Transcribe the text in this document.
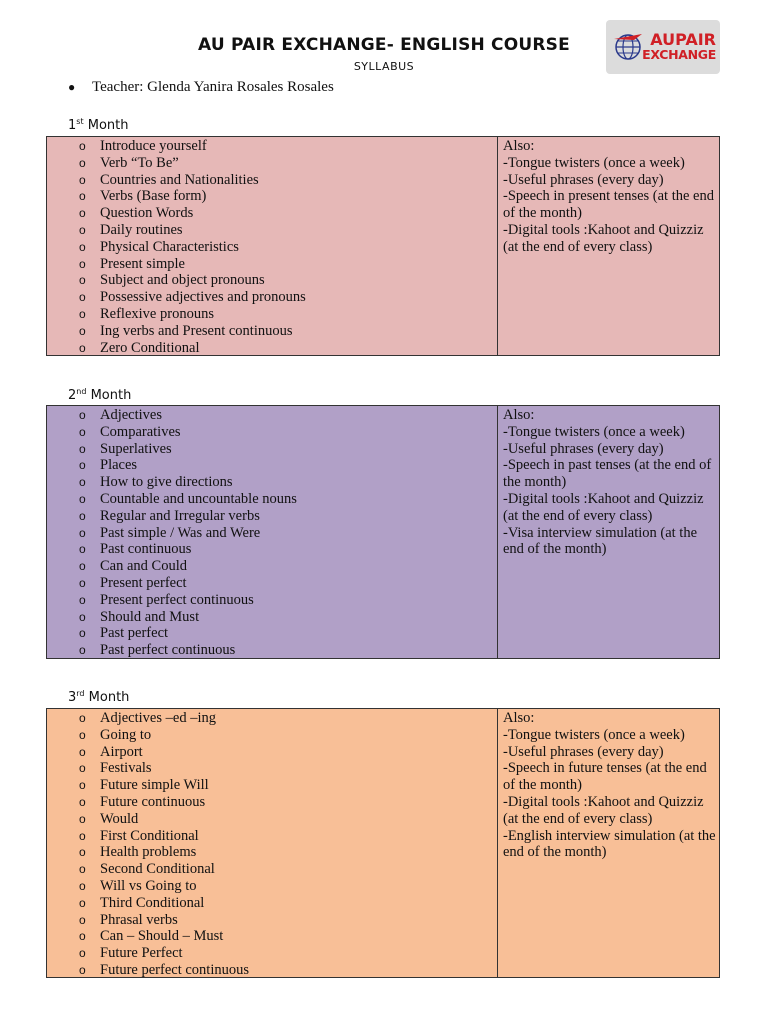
AU PAIR EXCHANGE- ENGLISH COURSE
SYLLABUS
AUPAIR
EXCHANGE
● Teacher: Glenda Yanira Rosales Rosales
1st Month
o Introduce yourself
o Verb “To Be”
o Countries and Nationalities
o Verbs (Base form)
o Question Words
o Daily routines
o Physical Characteristics
o Present simple
o Subject and object pronouns
o Possessive adjectives and pronouns
o Reflexive pronouns
o Ing verbs and Present continuous
o Zero Conditional
Also:
-Tongue twisters (once a week)
-Useful phrases (every day)
-Speech in present tenses (at the end of the month)
-Digital tools :Kahoot and Quizziz (at the end of every class)
2nd Month
o Adjectives
o Comparatives
o Superlatives
o Places
o How to give directions
o Countable and uncountable nouns
o Regular and Irregular verbs
o Past simple / Was and Were
o Past continuous
o Can and Could
o Present perfect
o Present perfect continuous
o Should and Must
o Past perfect
o Past perfect continuous
Also:
-Tongue twisters (once a week)
-Useful phrases (every day)
-Speech in past tenses (at the end of the month)
-Digital tools :Kahoot and Quizziz (at the end of every class)
-Visa interview simulation (at the end of the month)
3rd Month
o Adjectives –ed –ing
o Going to
o Airport
o Festivals
o Future simple Will
o Future continuous
o Would
o First Conditional
o Health problems
o Second Conditional
o Will vs Going to
o Third Conditional
o Phrasal verbs
o Can – Should – Must
o Future Perfect
o Future perfect continuous
Also:
-Tongue twisters (once a week)
-Useful phrases (every day)
-Speech in future tenses (at the end of the month)
-Digital tools :Kahoot and Quizziz (at the end of every class)
-English interview simulation (at the end of the month)
